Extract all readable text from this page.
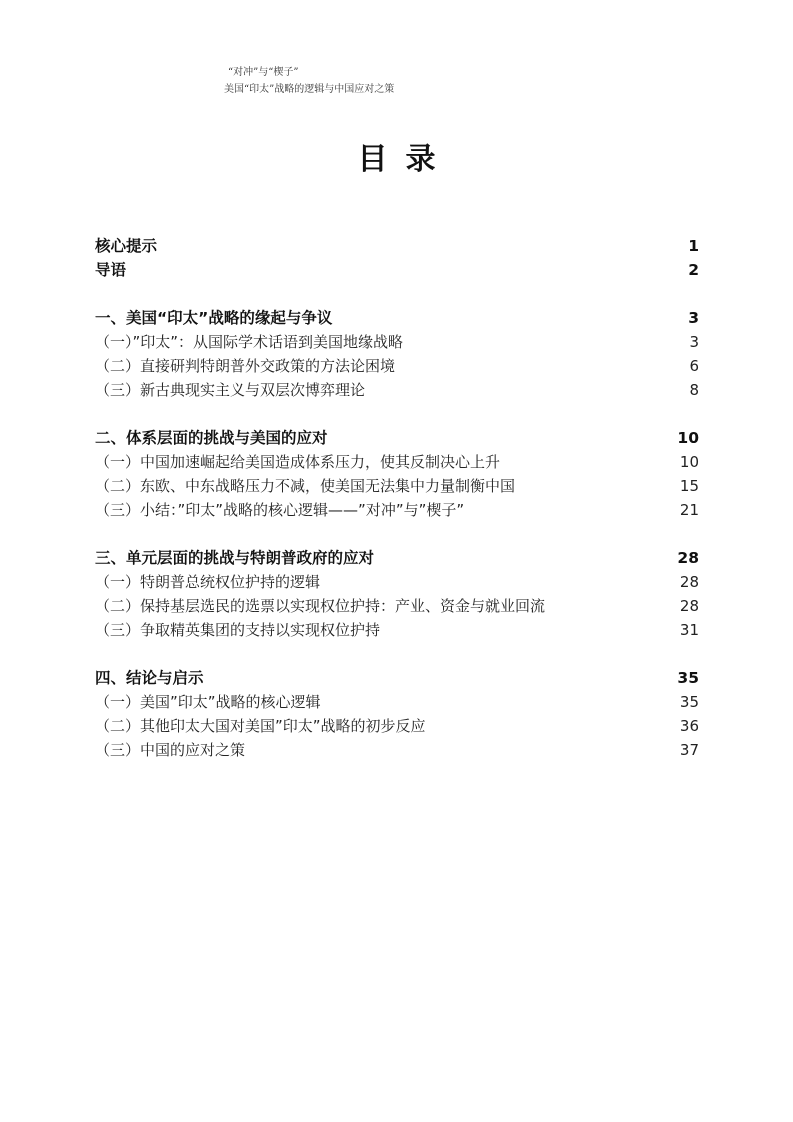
“对冲”与“楔子”
美国“印太”战略的逻辑与中国应对之策
目录
核心提示	1
导语	2
一、美国“印太”战略的缘起与争议	3
（一）”印太”：从国际学术话语到美国地缘战略	3
（二）直接研判特朗普外交政策的方法论困境	6
（三）新古典现实主义与双层次博弈理论	8
二、体系层面的挑战与美国的应对	10
（一）中国加速崛起给美国造成体系压力，使其反制决心上升	10
（二）东欧、中东战略压力不减，使美国无法集中力量制衡中国	15
（三）小结：”印太”战略的核心逻辑——”对冲”与”楔子”	21
三、单元层面的挑战与特朗普政府的应对	28
（一）特朗普总统权位护持的逻辑	28
（二）保持基层选民的选票以实现权位护持：产业、资金与就业回流	28
（三）争取精英集团的支持以实现权位护持	31
四、结论与启示	35
（一）美国”印太”战略的核心逻辑	35
（二）其他印太大国对美国”印太”战略的初步反应	36
（三）中国的应对之策	37
